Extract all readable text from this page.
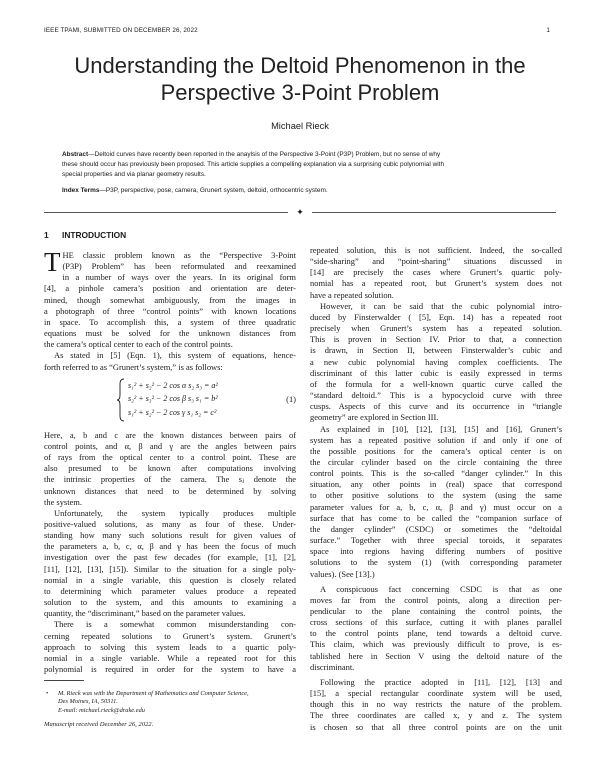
IEEE TPAMI, SUBMITTED ON DECEMBER 26, 2022	1
Understanding the Deltoid Phenomenon in the
Perspective 3-Point Problem
Michael Rieck
Abstract—Deltoid curves have recently been reported in the anaylsis of the Perspective 3-Point (P3P) Problem, but no sense of why
these should occur has previously been proposed. This article supplies a compelling explanation via a surprising cubic polynomial with
special properties and via planar geometry results.
Index Terms—P3P, perspective, pose, camera, Grunert system, deltoid, orthocentric system.
✦
1 INTRODUCTION

T HE classic problem known as the “Perspective 3-Point
(P3P) Problem” has been reformulated and reexamined
in a number of ways over the years. In its original form
[4], a pinhole camera’s position and orientation are deter-
mined, though somewhat ambiguously, from the images in
a photograph of three “control points” with known locations
in space. To accomplish this, a system of three quadratic
equations must be solved for the unknown distances from
the camera’s optical center to each of the control points.

As stated in [5] (Eqn. 1), this system of equations, hence-
forth referred to as “Grunert’s system,” is as follows:

s₁² + s₂² − 2 cos α s₂ s₃ = a²
s₂² + s₃² − 2 cos β s₃ s₁ = b²
s₁² + s₂² − 2 cos γ s₁ s₂ = c²
(1)

Here, a, b and c are the known distances between pairs of
control points, and α, β and γ are the angles between pairs
of rays from the optical center to a control point. These are
also presumed to be known after computations involving
the intrinsic properties of the camera. The sⱼ denote the
unknown distances that need to be determined by solving
the system.

Unfortunately, the system typically produces multiple
positive-valued solutions, as many as four of these. Under-
standing how many such solutions result for given values of
the parameters a, b, c, α, β and γ has been the focus of much
investigation over the past few decades (for example, [1], [2],
[11], [12], [13], [15]). Similar to the situation for a single poly-
nomial in a single variable, this question is closely related
to determining which parameter values produce a repeated
solution to the system, and this amounts to examining a
quantity, the “discriminant,” based on the parameter values.

There is a somewhat common misunderstanding con-
cerning repeated solutions to Grunert’s system. Grunert’s
approach to solving this system leads to a quartic poly-
nomial in a single variable. While a repeated root for this
polynomial is required in order for the system to have a

• M. Rieck was with the Department of Mathematics and Computer Science,
Des Moines, IA, 50311.
E-mail: michael.rieck@drake.edu
Manuscript received December 26, 2022.

repeated solution, this is not sufficient. Indeed, the so-called
“side-sharing” and “point-sharing” situations discussed in
[14] are precisely the cases where Grunert’s quartic poly-
nomial has a repeated root, but Grunert’s system does not
have a repeated solution.

However, it can be said that the cubic polynomial intro-
duced by Finsterwalder ( [5], Eqn. 14) has a repeated root
precisely when Grunert’s system has a repeated solution.
This is proven in Section IV. Prior to that, a connection
is drawn, in Section II, between Finsterwalder’s cubic and
a new cubic polynomial having complex coefficients. The
discriminant of this latter cubic is easily expressed in terms
of the formula for a well-known quartic curve called the
“standard deltoid.” This is a hypocycloid curve with three
cusps. Aspects of this curve and its occurrence in “triangle
geometry” are explored in Section III.

As explained in [10], [12], [13], [15] and [16], Grunert’s
system has a repeated positive solution if and only if one of
the possible positions for the camera’s optical center is on
the circular cylinder based on the circle containing the three
control points. This is the so-called “danger cylinder.” In this
situation, any other points in (real) space that correspond
to other positive solutions to the system (using the same
parameter values for a, b, c, α, β and γ) must occur on a
surface that has come to be called the “companion surface of
the danger cylinder” (CSDC) or sometimes the “deltoidal
surface.” Together with three special toroids, it separates
space into regions having differing numbers of positive
solutions to the system (1) (with corresponding parameter
values). (See [13].)

A conspicuous fact concerning CSDC is that as one
moves far from the control points, along a direction per-
pendicular to the plane containing the control points, the
cross sections of this surface, cutting it with planes parallel
to the control points plane, tend towards a deltoid curve.
This claim, which was previously difficult to prove, is es-
tablished here in Section V using the deltoid nature of the
discriminant.

Following the practice adopted in [11], [12], [13] and
[15], a special rectangular coordinate system will be used,
though this in no way restricts the nature of the problem.
The three coordinates are called x, y and z. The system
is chosen so that all three control points are on the unit
